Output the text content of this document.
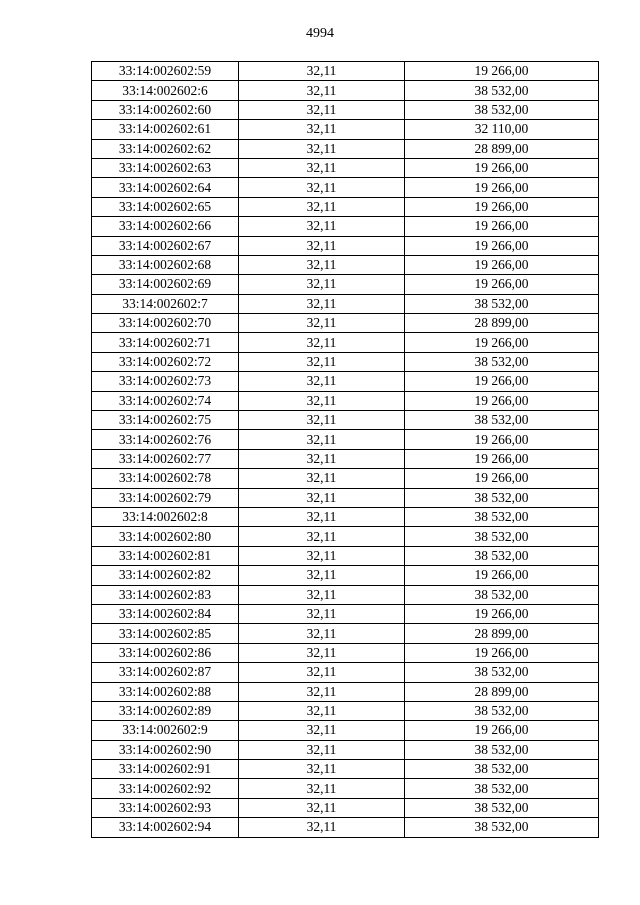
4994
33:14:002602:59	32,11	19 266,00
33:14:002602:6	32,11	38 532,00
33:14:002602:60	32,11	38 532,00
33:14:002602:61	32,11	32 110,00
33:14:002602:62	32,11	28 899,00
33:14:002602:63	32,11	19 266,00
33:14:002602:64	32,11	19 266,00
33:14:002602:65	32,11	19 266,00
33:14:002602:66	32,11	19 266,00
33:14:002602:67	32,11	19 266,00
33:14:002602:68	32,11	19 266,00
33:14:002602:69	32,11	19 266,00
33:14:002602:7	32,11	38 532,00
33:14:002602:70	32,11	28 899,00
33:14:002602:71	32,11	19 266,00
33:14:002602:72	32,11	38 532,00
33:14:002602:73	32,11	19 266,00
33:14:002602:74	32,11	19 266,00
33:14:002602:75	32,11	38 532,00
33:14:002602:76	32,11	19 266,00
33:14:002602:77	32,11	19 266,00
33:14:002602:78	32,11	19 266,00
33:14:002602:79	32,11	38 532,00
33:14:002602:8	32,11	38 532,00
33:14:002602:80	32,11	38 532,00
33:14:002602:81	32,11	38 532,00
33:14:002602:82	32,11	19 266,00
33:14:002602:83	32,11	38 532,00
33:14:002602:84	32,11	19 266,00
33:14:002602:85	32,11	28 899,00
33:14:002602:86	32,11	19 266,00
33:14:002602:87	32,11	38 532,00
33:14:002602:88	32,11	28 899,00
33:14:002602:89	32,11	38 532,00
33:14:002602:9	32,11	19 266,00
33:14:002602:90	32,11	38 532,00
33:14:002602:91	32,11	38 532,00
33:14:002602:92	32,11	38 532,00
33:14:002602:93	32,11	38 532,00
33:14:002602:94	32,11	38 532,00
